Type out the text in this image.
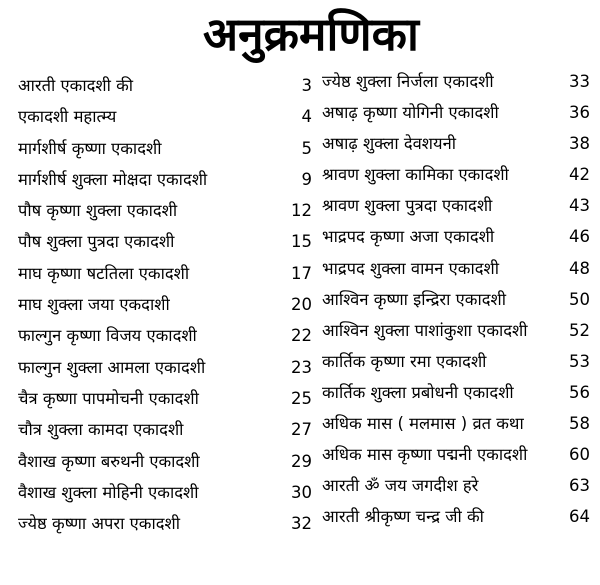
अनुक्रमणिका
आरती एकादशी की	3
एकादशी महात्म्य	4
मार्गशीर्ष कृष्णा एकादशी	5
मार्गशीर्ष शुक्ला मोक्षदा एकादशी	9
पौष कृष्णा शुक्ला एकादशी	12
पौष शुक्ला पुत्रदा एकादशी	15
माघ कृष्णा षटतिला एकादशी	17
माघ शुक्ला जया एकदाशी	20
फाल्गुन कृष्णा विजय एकादशी	22
फाल्गुन शुक्ला आमला एकादशी	23
चैत्र कृष्णा पापमोचनी एकादशी	25
चौत्र शुक्ला कामदा एकादशी	27
वैशाख कृष्णा बरुथनी एकादशी	29
वैशाख शुक्ला मोहिनी एकादशी	30
ज्येष्ठ कृष्णा अपरा एकादशी	32
ज्येष्ठ शुक्ला निर्जला एकादशी	33
अषाढ़ कृष्णा योगिनी एकादशी	36
अषाढ़ शुक्ला देवशयनी	38
श्रावण शुक्ला कामिका एकादशी	42
श्रावण शुक्ला पुत्रदा एकादशी	43
भाद्रपद कृष्णा अजा एकादशी	46
भाद्रपद शुक्ला वामन एकादशी	48
आश्विन कृष्णा इन्द्रिरा एकादशी	50
आश्विन शुक्ला पाशांकुशा एकादशी	52
कार्तिक कृष्णा रमा एकादशी	53
कार्तिक शुक्ला प्रबोधनी एकादशी	56
अधिक मास ( मलमास ) व्रत कथा	58
अधिक मास कृष्णा पद्मनी एकादशी	60
आरती ॐ जय जगदीश हरे	63
आरती श्रीकृष्ण चन्द्र जी की	64
